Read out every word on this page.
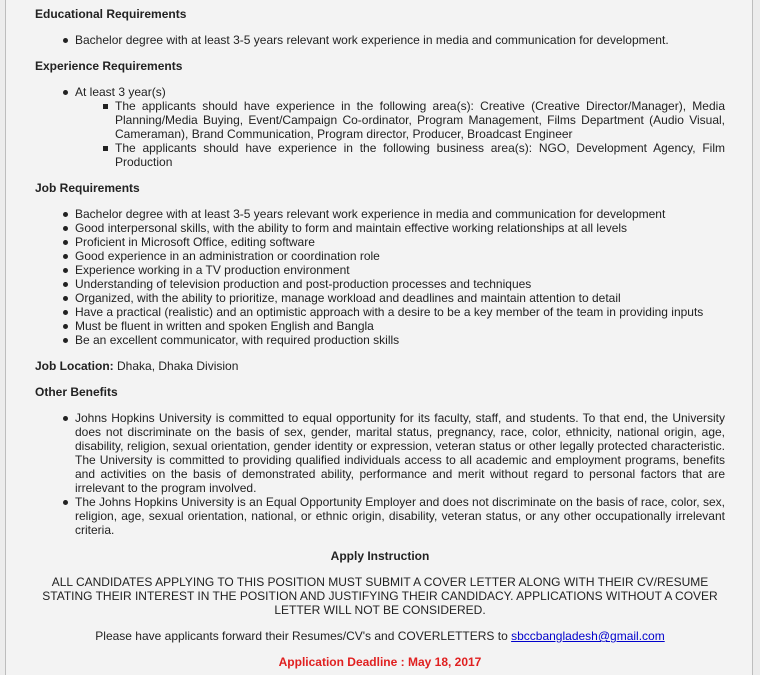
Educational Requirements
Bachelor degree with at least 3-5 years relevant work experience in media and communication for development.
Experience Requirements
At least 3 year(s)
The applicants should have experience in the following area(s): Creative (Creative Director/Manager), Media Planning/Media Buying, Event/Campaign Co-ordinator, Program Management, Films Department (Audio Visual, Cameraman), Brand Communication, Program director, Producer, Broadcast Engineer
The applicants should have experience in the following business area(s): NGO, Development Agency, Film Production
Job Requirements
Bachelor degree with at least 3-5 years relevant work experience in media and communication for development
Good interpersonal skills, with the ability to form and maintain effective working relationships at all levels
Proficient in Microsoft Office, editing software
Good experience in an administration or coordination role
Experience working in a TV production environment
Understanding of television production and post-production processes and techniques
Organized, with the ability to prioritize, manage workload and deadlines and maintain attention to detail
Have a practical (realistic) and an optimistic approach with a desire to be a key member of the team in providing inputs
Must be fluent in written and spoken English and Bangla
Be an excellent communicator, with required production skills
Job Location: Dhaka, Dhaka Division
Other Benefits
Johns Hopkins University is committed to equal opportunity for its faculty, staff, and students. To that end, the University does not discriminate on the basis of sex, gender, marital status, pregnancy, race, color, ethnicity, national origin, age, disability, religion, sexual orientation, gender identity or expression, veteran status or other legally protected characteristic. The University is committed to providing qualified individuals access to all academic and employment programs, benefits and activities on the basis of demonstrated ability, performance and merit without regard to personal factors that are irrelevant to the program involved.
The Johns Hopkins University is an Equal Opportunity Employer and does not discriminate on the basis of race, color, sex, religion, age, sexual orientation, national, or ethnic origin, disability, veteran status, or any other occupationally irrelevant criteria.
Apply Instruction
ALL CANDIDATES APPLYING TO THIS POSITION MUST SUBMIT A COVER LETTER ALONG WITH THEIR CV/RESUME STATING THEIR INTEREST IN THE POSITION AND JUSTIFYING THEIR CANDIDACY. APPLICATIONS WITHOUT A COVER LETTER WILL NOT BE CONSIDERED.
Please have applicants forward their Resumes/CV's and COVERLETTERS to sbccbangladesh@gmail.com
Application Deadline : May 18, 2017
